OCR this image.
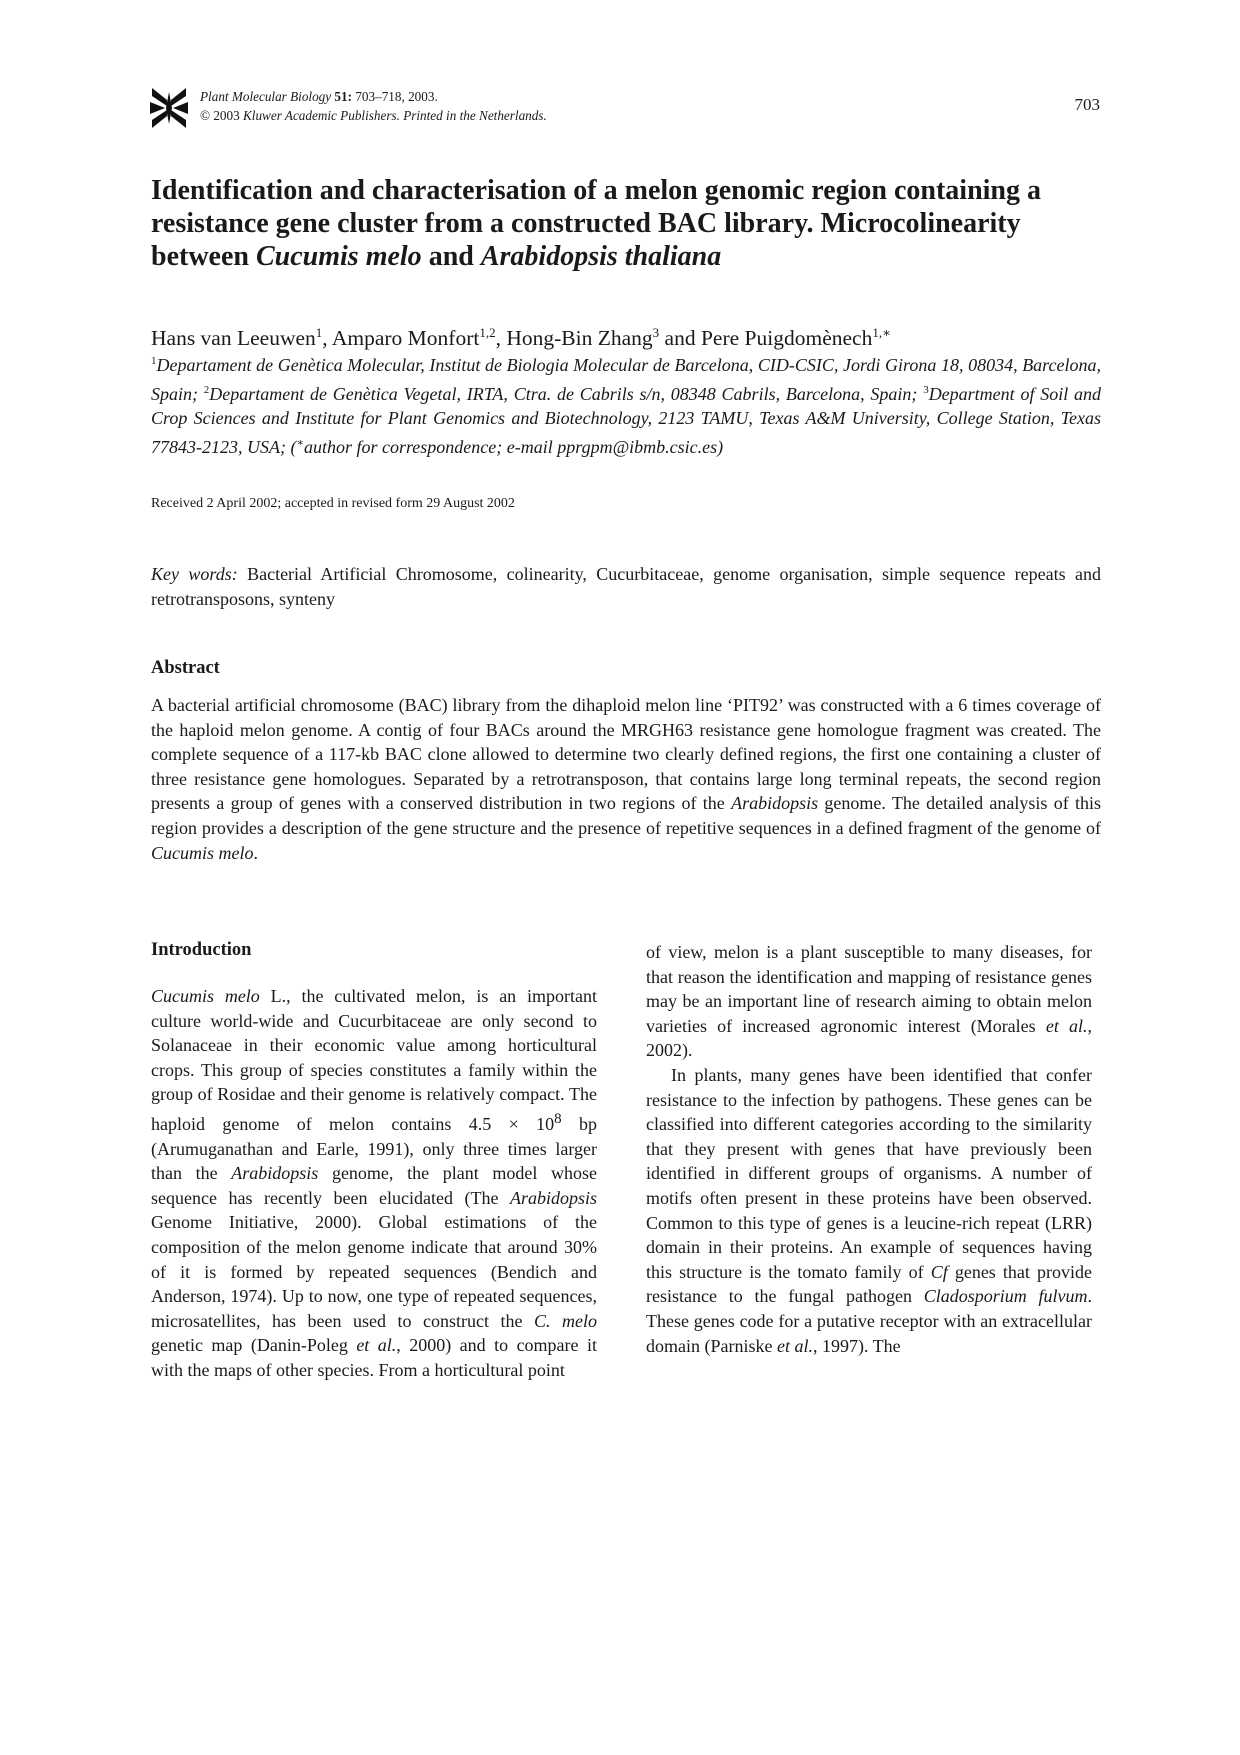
Plant Molecular Biology 51: 703–718, 2003.
© 2003 Kluwer Academic Publishers. Printed in the Netherlands.
703
Identification and characterisation of a melon genomic region containing a resistance gene cluster from a constructed BAC library. Microcolinearity between Cucumis melo and Arabidopsis thaliana
Hans van Leeuwen$^1$, Amparo Monfort$^{1,2}$, Hong-Bin Zhang$^3$ and Pere Puigdomènech$^{1,∗}$
$^1$Departament de Genètica Molecular, Institut de Biologia Molecular de Barcelona, CID-CSIC, Jordi Girona 18, 08034, Barcelona, Spain; $^2$Departament de Genètica Vegetal, IRTA, Ctra. de Cabrils s/n, 08348 Cabrils, Barcelona, Spain; $^3$Department of Soil and Crop Sciences and Institute for Plant Genomics and Biotechnology, 2123 TAMU, Texas A&M University, College Station, Texas 77843-2123, USA; (∗author for correspondence; e-mail pprgpm@ibmb.csic.es)
Received 2 April 2002; accepted in revised form 29 August 2002
Key words: Bacterial Artificial Chromosome, colinearity, Cucurbitaceae, genome organisation, simple sequence repeats and retrotransposons, synteny
Abstract
A bacterial artificial chromosome (BAC) library from the dihaploid melon line ‘PIT92’ was constructed with a 6 times coverage of the haploid melon genome. A contig of four BACs around the MRGH63 resistance gene homologue fragment was created. The complete sequence of a 117-kb BAC clone allowed to determine two clearly defined regions, the first one containing a cluster of three resistance gene homologues. Separated by a retrotransposon, that contains large long terminal repeats, the second region presents a group of genes with a conserved distribution in two regions of the Arabidopsis genome. The detailed analysis of this region provides a description of the gene structure and the presence of repetitive sequences in a defined fragment of the genome of Cucumis melo.
Introduction

Cucumis melo L., the cultivated melon, is an important culture world-wide and Cucurbitaceae are only second to Solanaceae in their economic value among horticultural crops. This group of species constitutes a family within the group of Rosidae and their genome is relatively compact. The haploid genome of melon contains $4.5 \times 10^8$ bp (Arumuganathan and Earle, 1991), only three times larger than the Arabidopsis genome, the plant model whose sequence has recently been elucidated (The Arabidopsis Genome Initiative, 2000). Global estimations of the composition of the melon genome indicate that around 30% of it is formed by repeated sequences (Bendich and Anderson, 1974). Up to now, one type of repeated sequences, microsatellites, has been used to construct the C. melo genetic map (Danin-Poleg et al., 2000) and to compare it with the maps of other species. From a horticultural point

of view, melon is a plant susceptible to many diseases, for that reason the identification and mapping of resistance genes may be an important line of research aiming to obtain melon varieties of increased agronomic interest (Morales et al., 2002).

In plants, many genes have been identified that confer resistance to the infection by pathogens. These genes can be classified into different categories according to the similarity that they present with genes that have previously been identified in different groups of organisms. A number of motifs often present in these proteins have been observed. Common to this type of genes is a leucine-rich repeat (LRR) domain in their proteins. An example of sequences having this structure is the tomato family of Cf genes that provide resistance to the fungal pathogen Cladosporium fulvum. These genes code for a putative receptor with an extracellular domain (Parniske et al., 1997). The
